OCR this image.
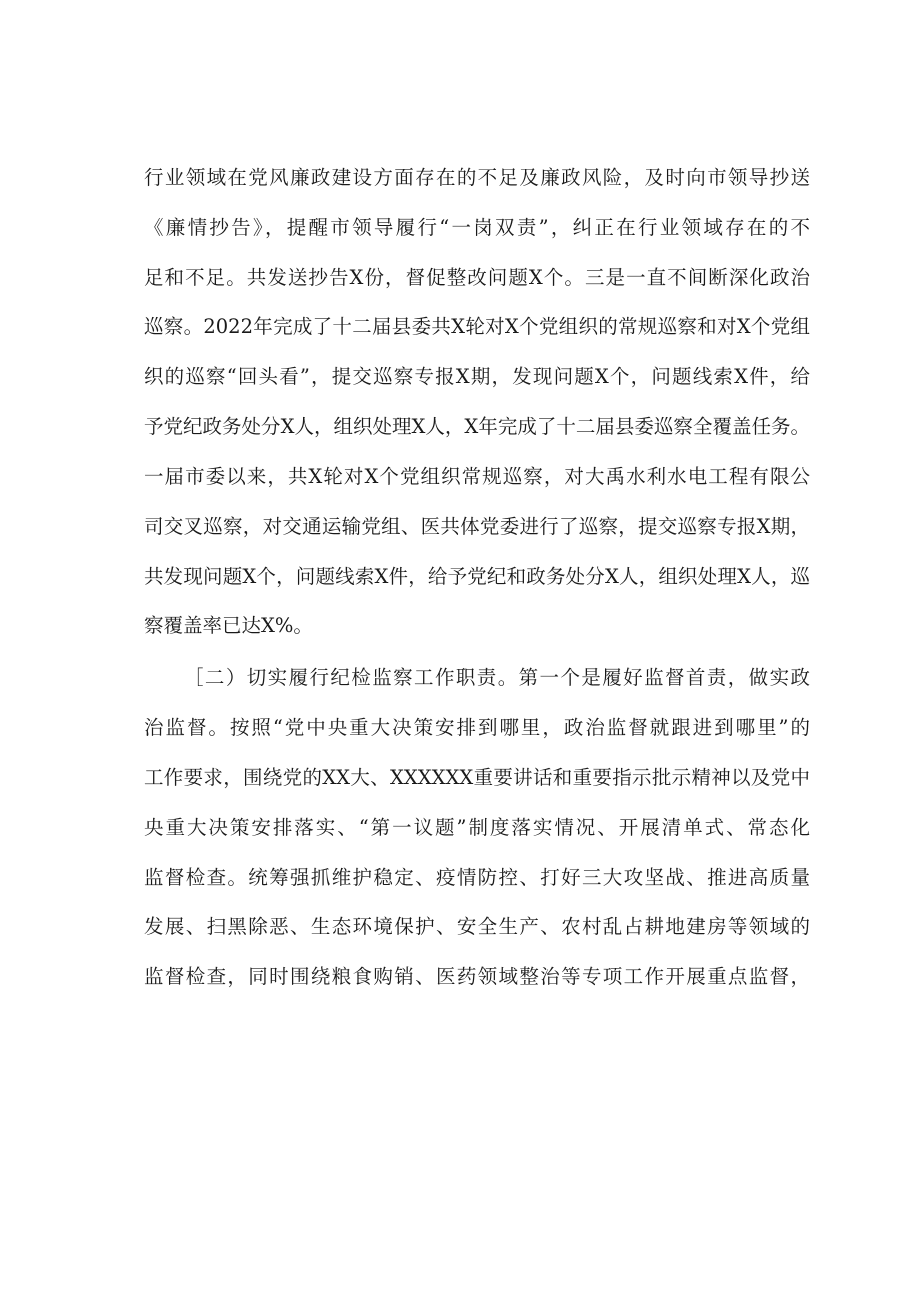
行业领域在党风廉政建设方面存在的不足及廉政风险，及时向市领导抄送
《廉情抄告》，提醒市领导履行“一岗双责”，纠正在行业领域存在的不
足和不足。共发送抄告X份，督促整改问题X个。三是一直不间断深化政治
巡察。2022年完成了十二届县委共X轮对X个党组织的常规巡察和对X个党组
织的巡察“回头看”，提交巡察专报X期，发现问题X个，问题线索X件，给
予党纪政务处分X人，组织处理X人，X年完成了十二届县委巡察全覆盖任务。
一届市委以来，共X轮对X个党组织常规巡察，对大禹水利水电工程有限公
司交叉巡察，对交通运输党组、医共体党委进行了巡察，提交巡察专报X期，
共发现问题X个，问题线索X件，给予党纪和政务处分X人，组织处理X人，巡
察覆盖率已达X%。
［二）切实履行纪检监察工作职责。第一个是履好监督首责，做实政
治监督。按照“党中央重大决策安排到哪里，政治监督就跟进到哪里”的
工作要求，围绕党的XX大、XXXXXX重要讲话和重要指示批示精神以及党中
央重大决策安排落实、“第一议题”制度落实情况、开展清单式、常态化
监督检查。统筹强抓维护稳定、疫情防控、打好三大攻坚战、推进高质量
发展、扫黑除恶、生态环境保护、安全生产、农村乱占耕地建房等领域的
监督检查，同时围绕粮食购销、医药领域整治等专项工作开展重点监督，
